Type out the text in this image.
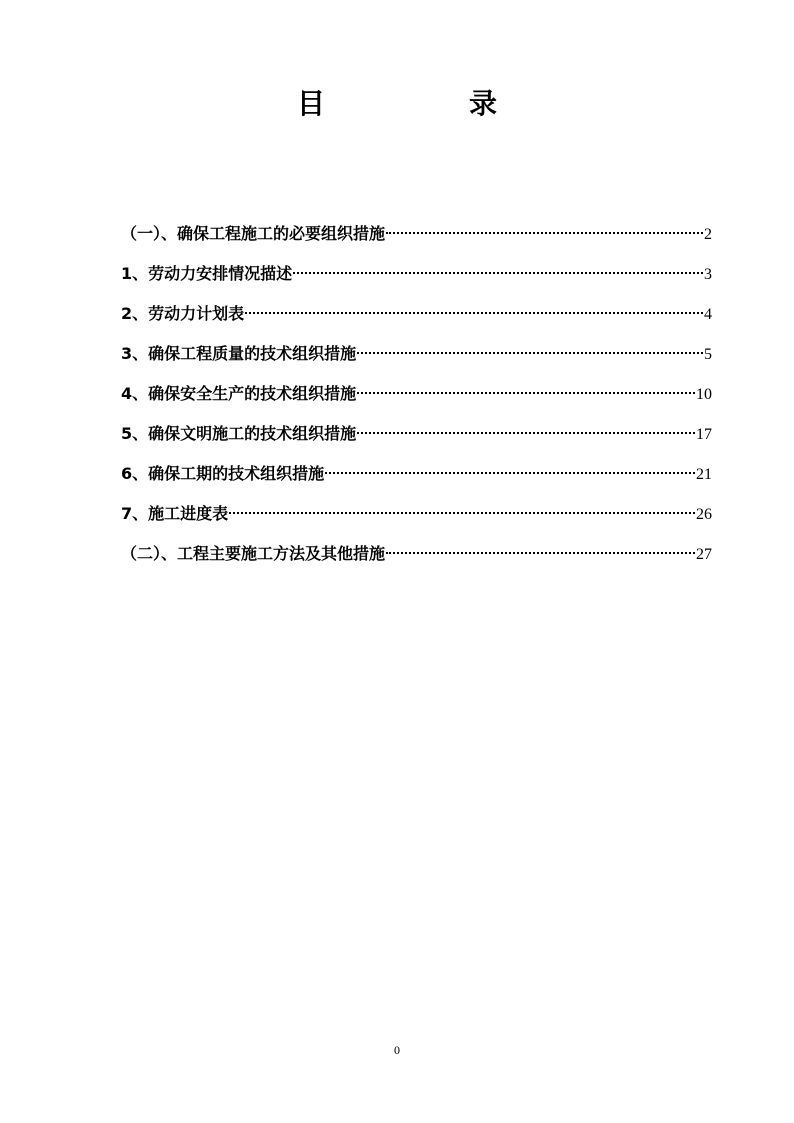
目　录
（一）、确保工程施工的必要组织措施	2
1、劳动力安排情况描述	3
2、劳动力计划表	4
3、确保工程质量的技术组织措施	5
4、确保安全生产的技术组织措施	10
5、确保文明施工的技术组织措施	17
6、确保工期的技术组织措施	21
7、施工进度表	26
（二）、工程主要施工方法及其他措施	27
0
